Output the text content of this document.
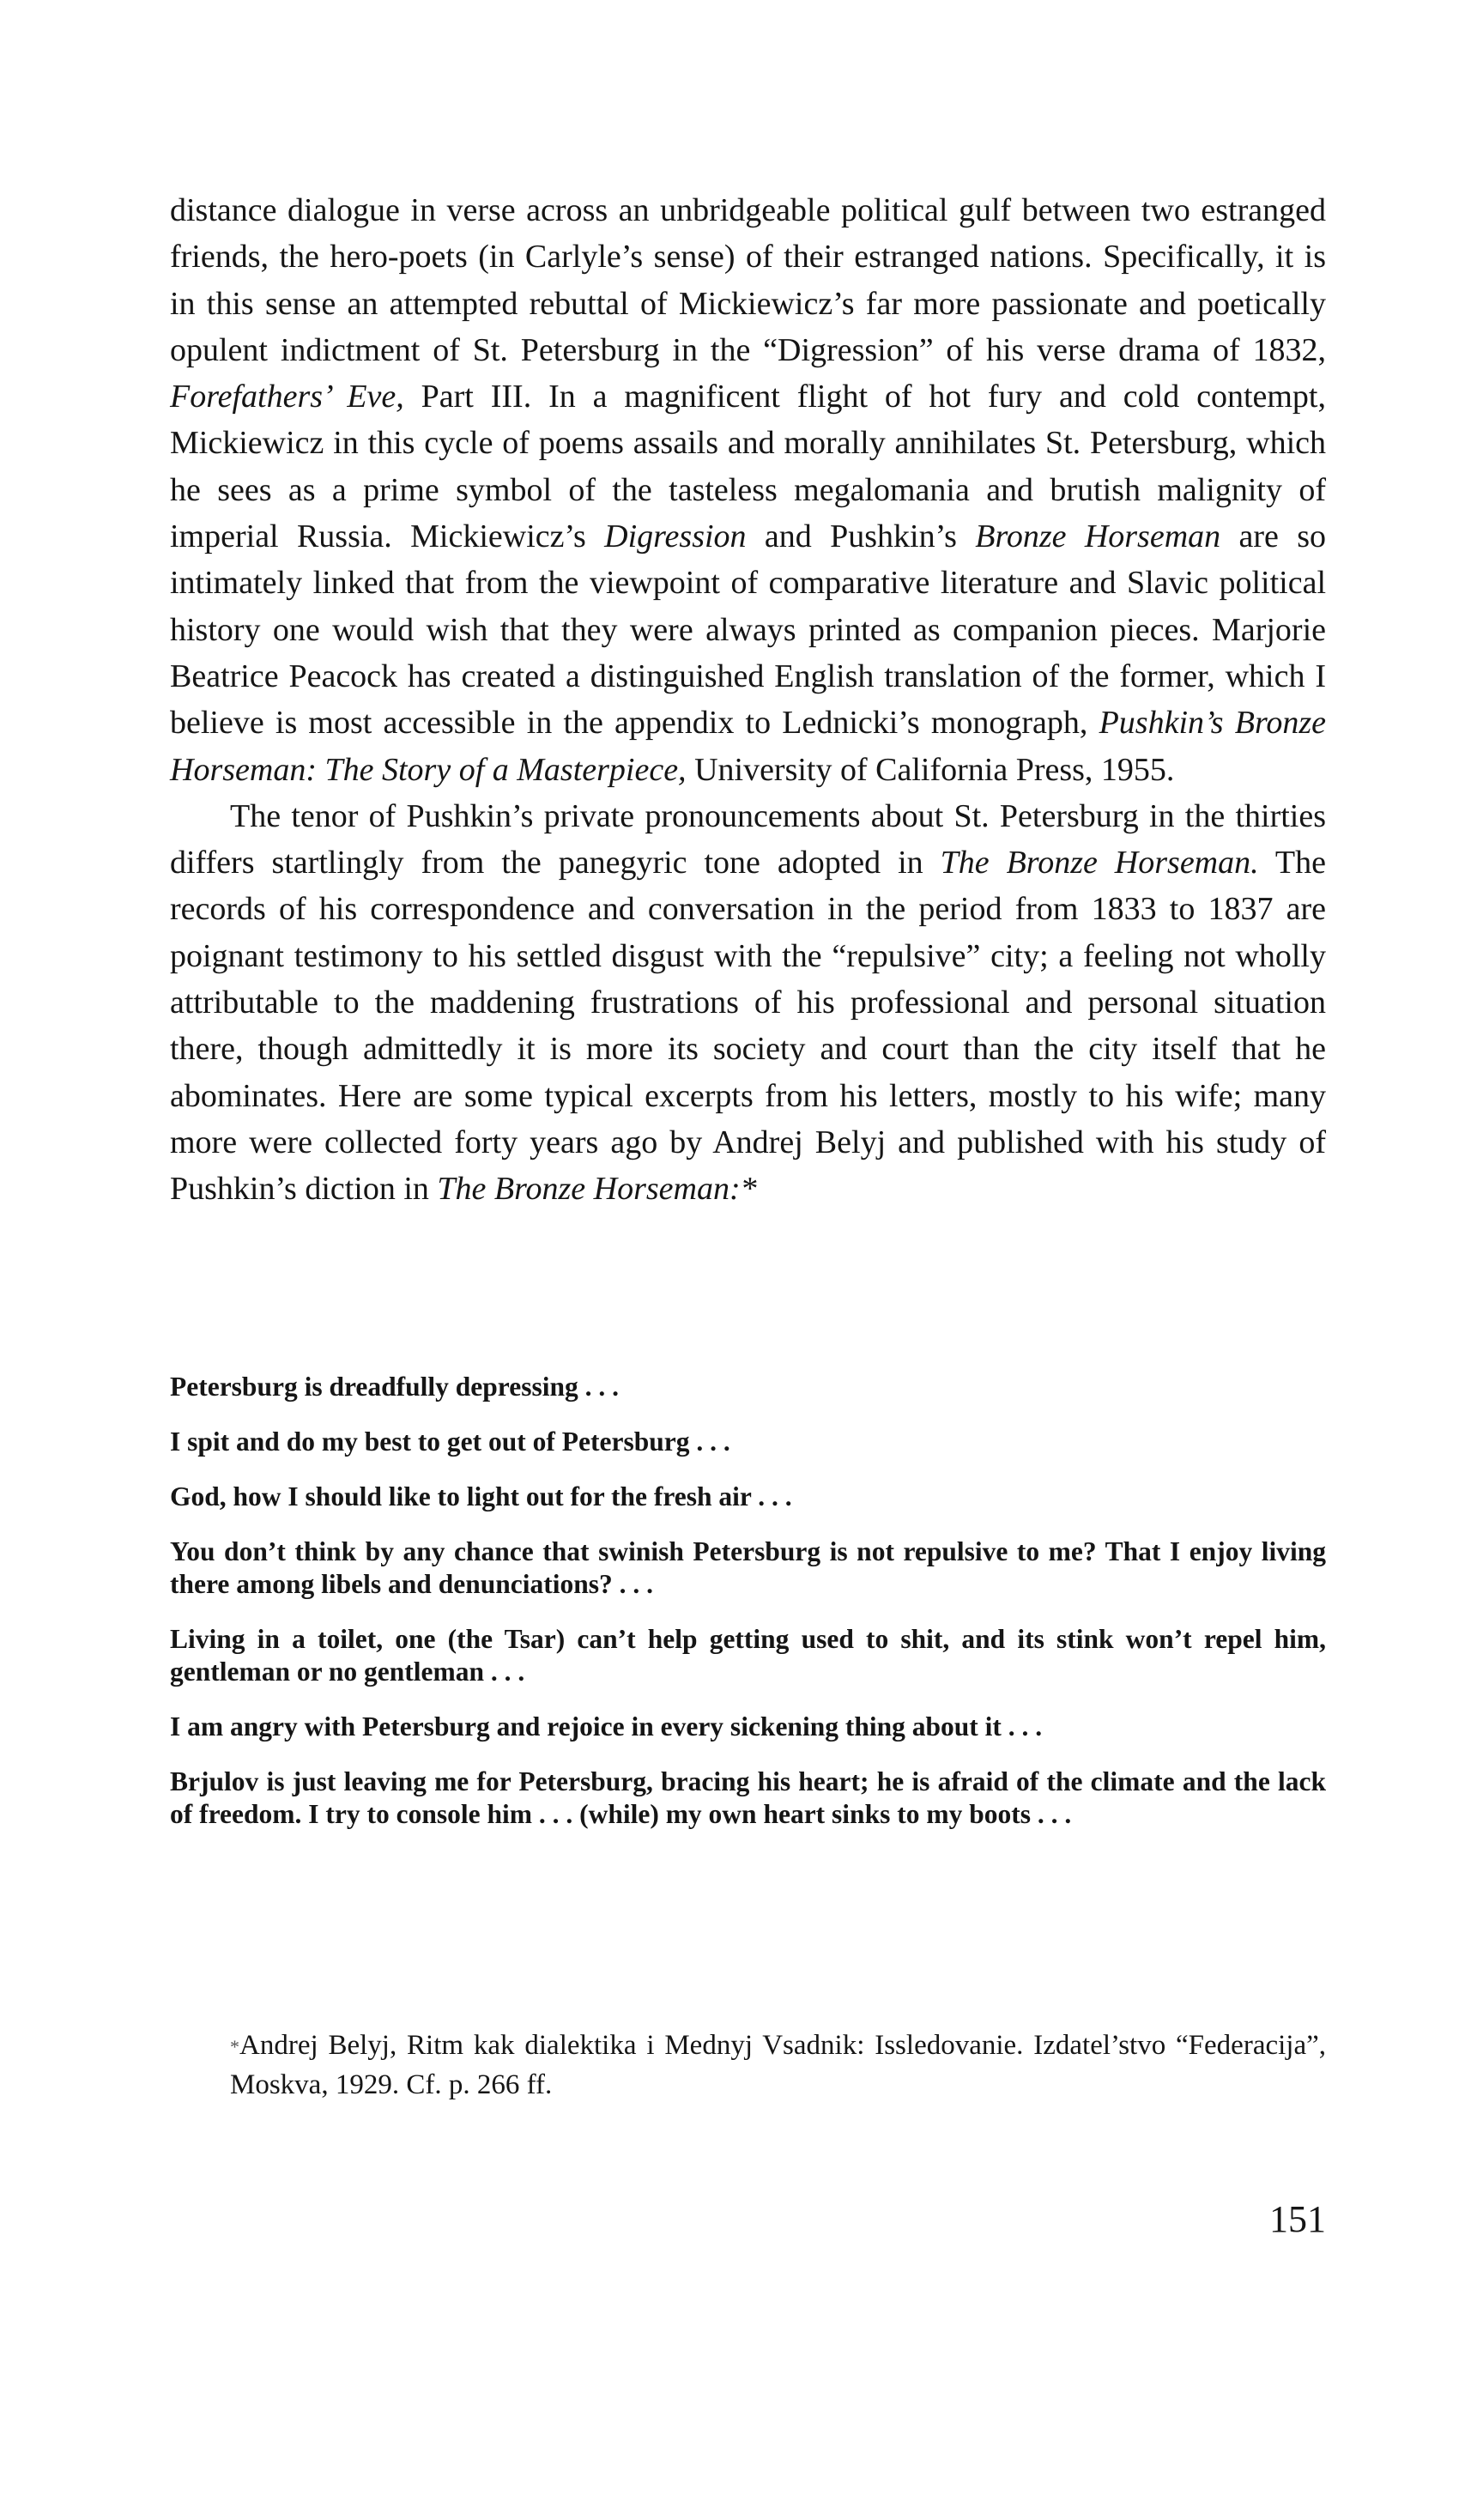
distance dialogue in verse across an unbridgeable political gulf between two estranged friends, the hero-poets (in Carlyle’s sense) of their estranged nations. Specifically, it is in this sense an attempted rebuttal of Mickiewicz’s far more passionate and poetically opulent indictment of St. Petersburg in the “Digression” of his verse drama of 1832, Forefathers’ Eve, Part III. In a magnificent flight of hot fury and cold contempt, Mickiewicz in this cycle of poems assails and morally annihilates St. Petersburg, which he sees as a prime symbol of the tasteless megalomania and brutish malignity of imperial Russia. Mickiewicz’s Digression and Pushkin’s Bronze Horseman are so intimately linked that from the viewpoint of comparative literature and Slavic political history one would wish that they were always printed as companion pieces. Marjorie Beatrice Peacock has created a distinguished English translation of the former, which I believe is most accessible in the appendix to Lednicki’s monograph, Pushkin’s Bronze Horseman: The Story of a Masterpiece, University of California Press, 1955.

The tenor of Pushkin’s private pronouncements about St. Petersburg in the thirties differs startlingly from the panegyric tone adopted in The Bronze Horseman. The records of his correspondence and conversation in the period from 1833 to 1837 are poignant testimony to his settled disgust with the “repulsive” city; a feeling not wholly attributable to the maddening frustrations of his professional and personal situation there, though admittedly it is more its society and court than the city itself that he abominates. Here are some typical excerpts from his letters, mostly to his wife; many more were collected forty years ago by Andrej Belyj and published with his study of Pushkin’s diction in The Bronze Horseman:*

Petersburg is dreadfully depressing . . .

I spit and do my best to get out of Petersburg . . .

God, how I should like to light out for the fresh air . . .

You don’t think by any chance that swinish Petersburg is not repulsive to me? That I enjoy living there among libels and denunciations? . . .

Living in a toilet, one (the Tsar) can’t help getting used to shit, and its stink won’t repel him, gentleman or no gentleman . . .

I am angry with Petersburg and rejoice in every sickening thing about it . . .

Brjulov is just leaving me for Petersburg, bracing his heart; he is afraid of the climate and the lack of freedom. I try to console him . . . (while) my own heart sinks to my boots . . .

*Andrej Belyj, Ritm kak dialektika i Mednyj Vsadnik: Issledovanie. Izdatel’stvo “Federacija”, Moskva, 1929. Cf. p. 266 ff.
151
